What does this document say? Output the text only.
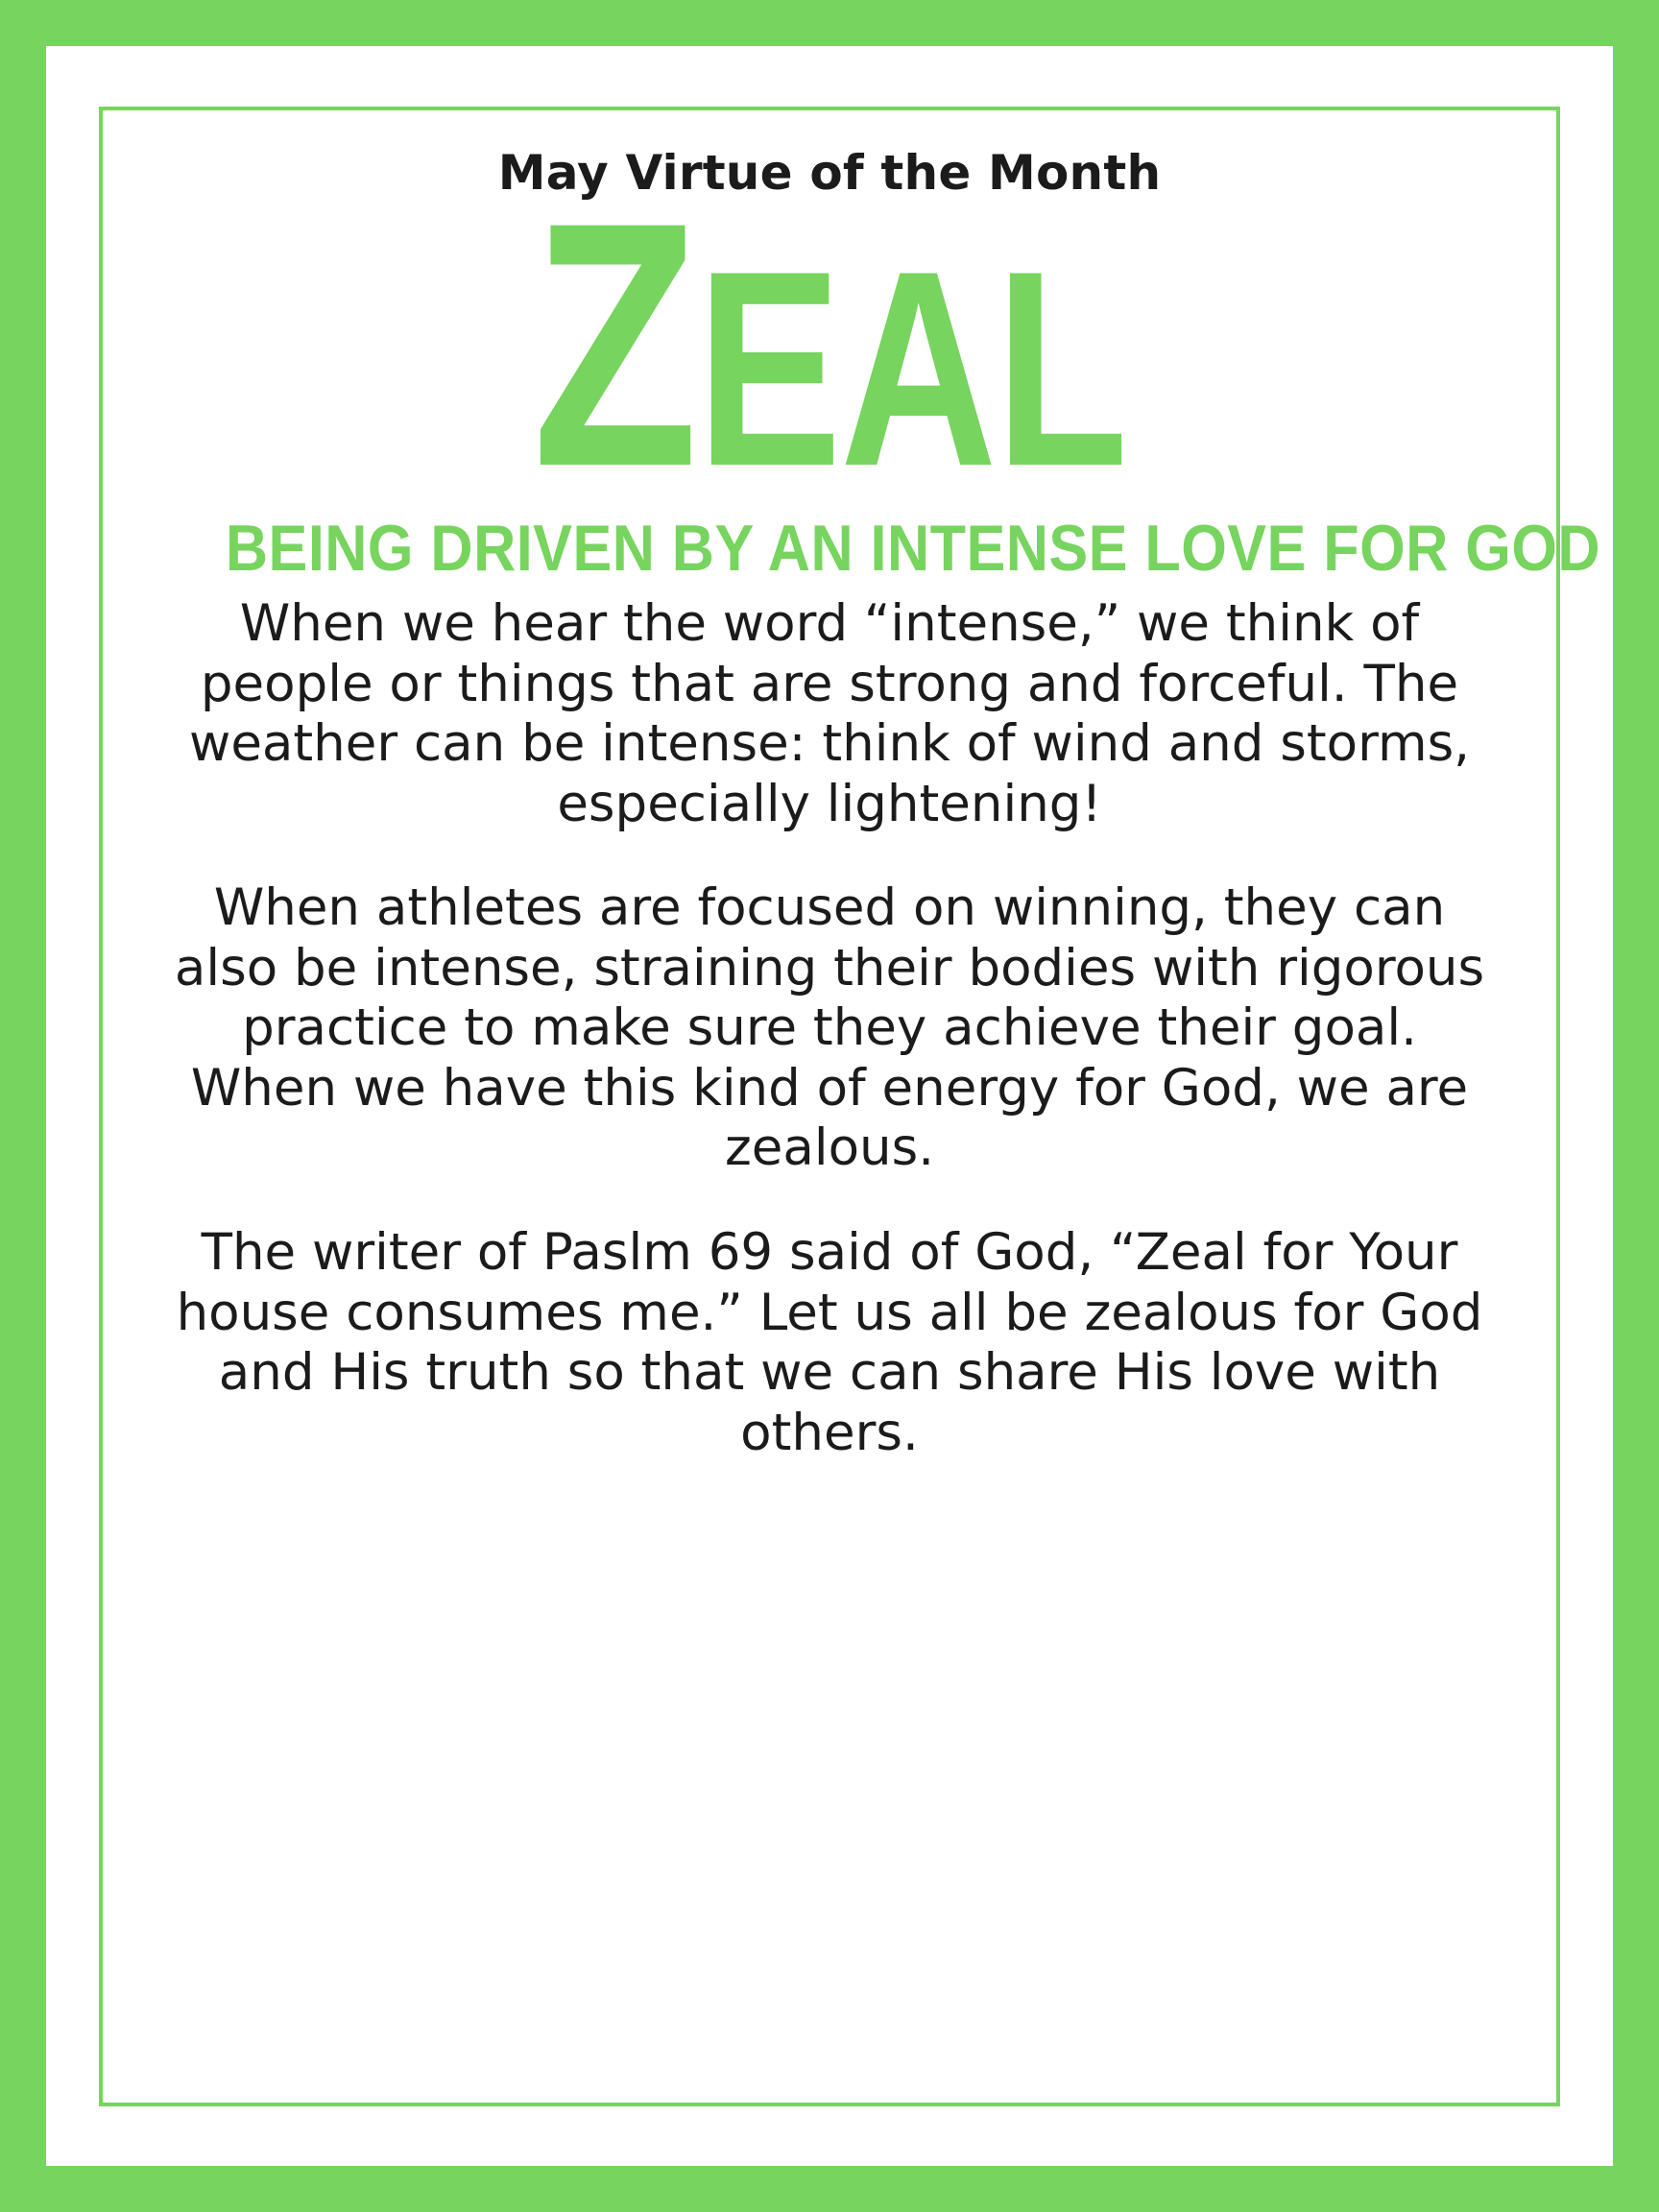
May Virtue of the Month
ZEAL
BEING DRIVEN BY AN INTENSE LOVE FOR GOD

When we hear the word “intense,” we think of people or things that are strong and forceful. The weather can be intense: think of wind and storms, especially lightening!

When athletes are focused on winning, they can also be intense, straining their bodies with rigorous practice to make sure they achieve their goal.
When we have this kind of energy for God, we are zealous.

The writer of Paslm 69 said of God, “Zeal for Your house consumes me.” Let us all be zealous for God and His truth so that we can share His love with others.
